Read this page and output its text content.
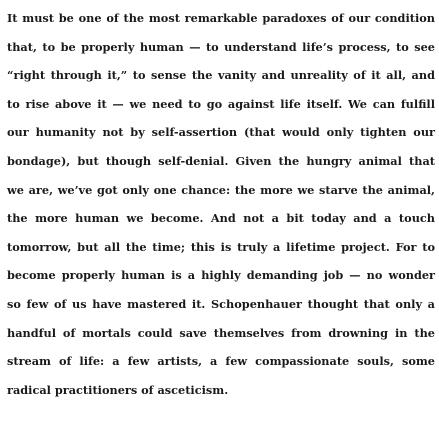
It must be one of the most remarkable paradoxes of our condition
that, to be properly human — to understand life’s process, to see
“right through it,” to sense the vanity and unreality of it all, and
to rise above it — we need to go against life itself. We can fulfill
our humanity not by self-assertion (that would only tighten our
bondage), but though self-denial. Given the hungry animal that
we are, we’ve got only one chance: the more we starve the animal,
the more human we become. And not a bit today and a touch
tomorrow, but all the time; this is truly a lifetime project. For to
become properly human is a highly demanding job — no wonder
so few of us have mastered it. Schopenhauer thought that only a
handful of mortals could save themselves from drowning in the
stream of life: a few artists, a few compassionate souls, some
radical practitioners of asceticism.
